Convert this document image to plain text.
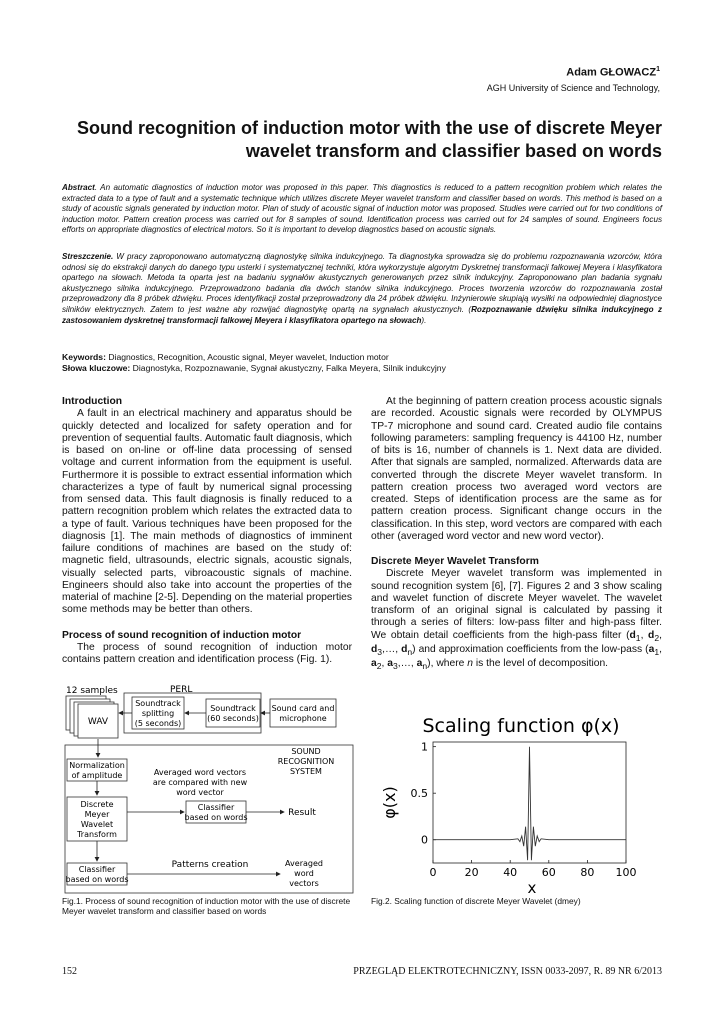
Adam GŁOWACZ$^1$
AGH University of Science and Technology,
Sound recognition of induction motor with the use of discrete Meyer wavelet transform and classifier based on words
Abstract. An automatic diagnostics of induction motor was proposed in this paper. This diagnostics is reduced to a pattern recognition problem which relates the extracted data to a type of fault and a systematic technique which utilizes discrete Meyer wavelet transform and classifier based on words. This method is based on a study of acoustic signals generated by induction motor. Plan of study of acoustic signal of induction motor was proposed. Studies were carried out for two conditions of induction motor. Pattern creation process was carried out for 8 samples of sound. Identification process was carried out for 24 samples of sound. Engineers focus efforts on appropriate diagnostics of electrical motors. So it is important to develop diagnostics based on acoustic signals.
Streszczenie. W pracy zaproponowano automatyczną diagnostykę silnika indukcyjnego. Ta diagnostyka sprowadza się do problemu rozpoznawania wzorców, która odnosi się do ekstrakcji danych do danego typu usterki i systematycznej techniki, która wykorzystuje algorytm Dyskretnej transformacji falkowej Meyera i klasyfikatora opartego na słowach. Metoda ta oparta jest na badaniu sygnałów akustycznych generowanych przez silnik indukcyjny. Zaproponowano plan badania sygnału akustycznego silnika indukcyjnego. Przeprowadzono badania dla dwóch stanów silnika indukcyjnego. Proces tworzenia wzorców do rozpoznawania został przeprowadzony dla 8 próbek dźwięku. Proces identyfikacji został przeprowadzony dla 24 próbek dźwięku. Inżynierowie skupiają wysiłki na odpowiedniej diagnostyce silników elektrycznych. Zatem to jest ważne aby rozwijać diagnostykę opartą na sygnałach akustycznych. (Rozpoznawanie dźwięku silnika indukcyjnego z zastosowaniem dyskretnej transformacji falkowej Meyera i klasyfikatora opartego na słowach).
Keywords: Diagnostics, Recognition, Acoustic signal, Meyer wavelet, Induction motor
Słowa kluczowe: Diagnostyka, Rozpoznawanie, Sygnał akustyczny, Falka Meyera, Silnik indukcyjny
Introduction

A fault in an electrical machinery and apparatus should be quickly detected and localized for safety operation and for prevention of sequential faults. Automatic fault diagnosis, which is based on on-line or off-line data processing of sensed voltage and current information from the equipment is useful. Furthermore it is possible to extract essential information which characterizes a type of fault by numerical signal processing from sensed data. This fault diagnosis is finally reduced to a pattern recognition problem which relates the extracted data to a type of fault. Various techniques have been proposed for the diagnosis [1]. The main methods of diagnostics of imminent failure conditions of machines are based on the study of: magnetic field, ultrasounds, electric signals, acoustic signals, visually selected parts, vibroacoustic signals of machine. Engineers should also take into account the properties of the material of machine [2-5]. Depending on the material properties some methods may be better than others.

Process of sound recognition of induction motor

The process of sound recognition of induction motor contains pattern creation and identification process (Fig. 1).

12 samples	PERL
WAV
Soundtrack splitting (5 seconds)
Soundtrack (60 seconds)
Sound card and microphone
SOUND RECOGNITION SYSTEM
Normalization of amplitude	Averaged word vectors are compared with new word vector
Discrete Meyer Wavelet Transform
Classifier based on words	Result
Classifier based on words
Patterns creation	Averaged word vectors
Fig.1. Process of sound recognition of induction motor with the use of discrete Meyer wavelet transform and classifier based on words

At the beginning of pattern creation process acoustic signals are recorded. Acoustic signals were recorded by OLYMPUS TP-7 microphone and sound card. Created audio file contains following parameters: sampling frequency is 44100 Hz, number of bits is 16, number of channels is 1. Next data are divided. After that signals are sampled, normalized. Afterwards data are converted through the discrete Meyer wavelet transform. In pattern creation process two averaged word vectors are created. Steps of identification process are the same as for pattern creation process. Significant change occurs in the classification. In this step, word vectors are compared with each other (averaged word vector and new word vector).

Discrete Meyer Wavelet Transform

Discrete Meyer wavelet transform was implemented in sound recognition system [6], [7]. Figures 2 and 3 show scaling and wavelet function of discrete Meyer wavelet. The wavelet transform of an original signal is calculated by passing it through a series of filters: low-pass filter and high-pass filter. We obtain detail coefficients from the high-pass filter ($d_1$, $d_2$, $d_3,\dots$, $d_n$) and approximation coefficients from the low-pass ($a_1$, $a_2$, $a_3,\dots$, $a_n$), where n is the level of decomposition.

Scaling function φ(x)
φ(x)
x
0	20 40 60 80 100
0
0.5
1
Fig.2. Scaling function of discrete Meyer Wavelet (dmey)
152	PRZEGLĄD ELEKTROTECHNICZNY, ISSN 0033-2097, R. 89 NR 6/2013
